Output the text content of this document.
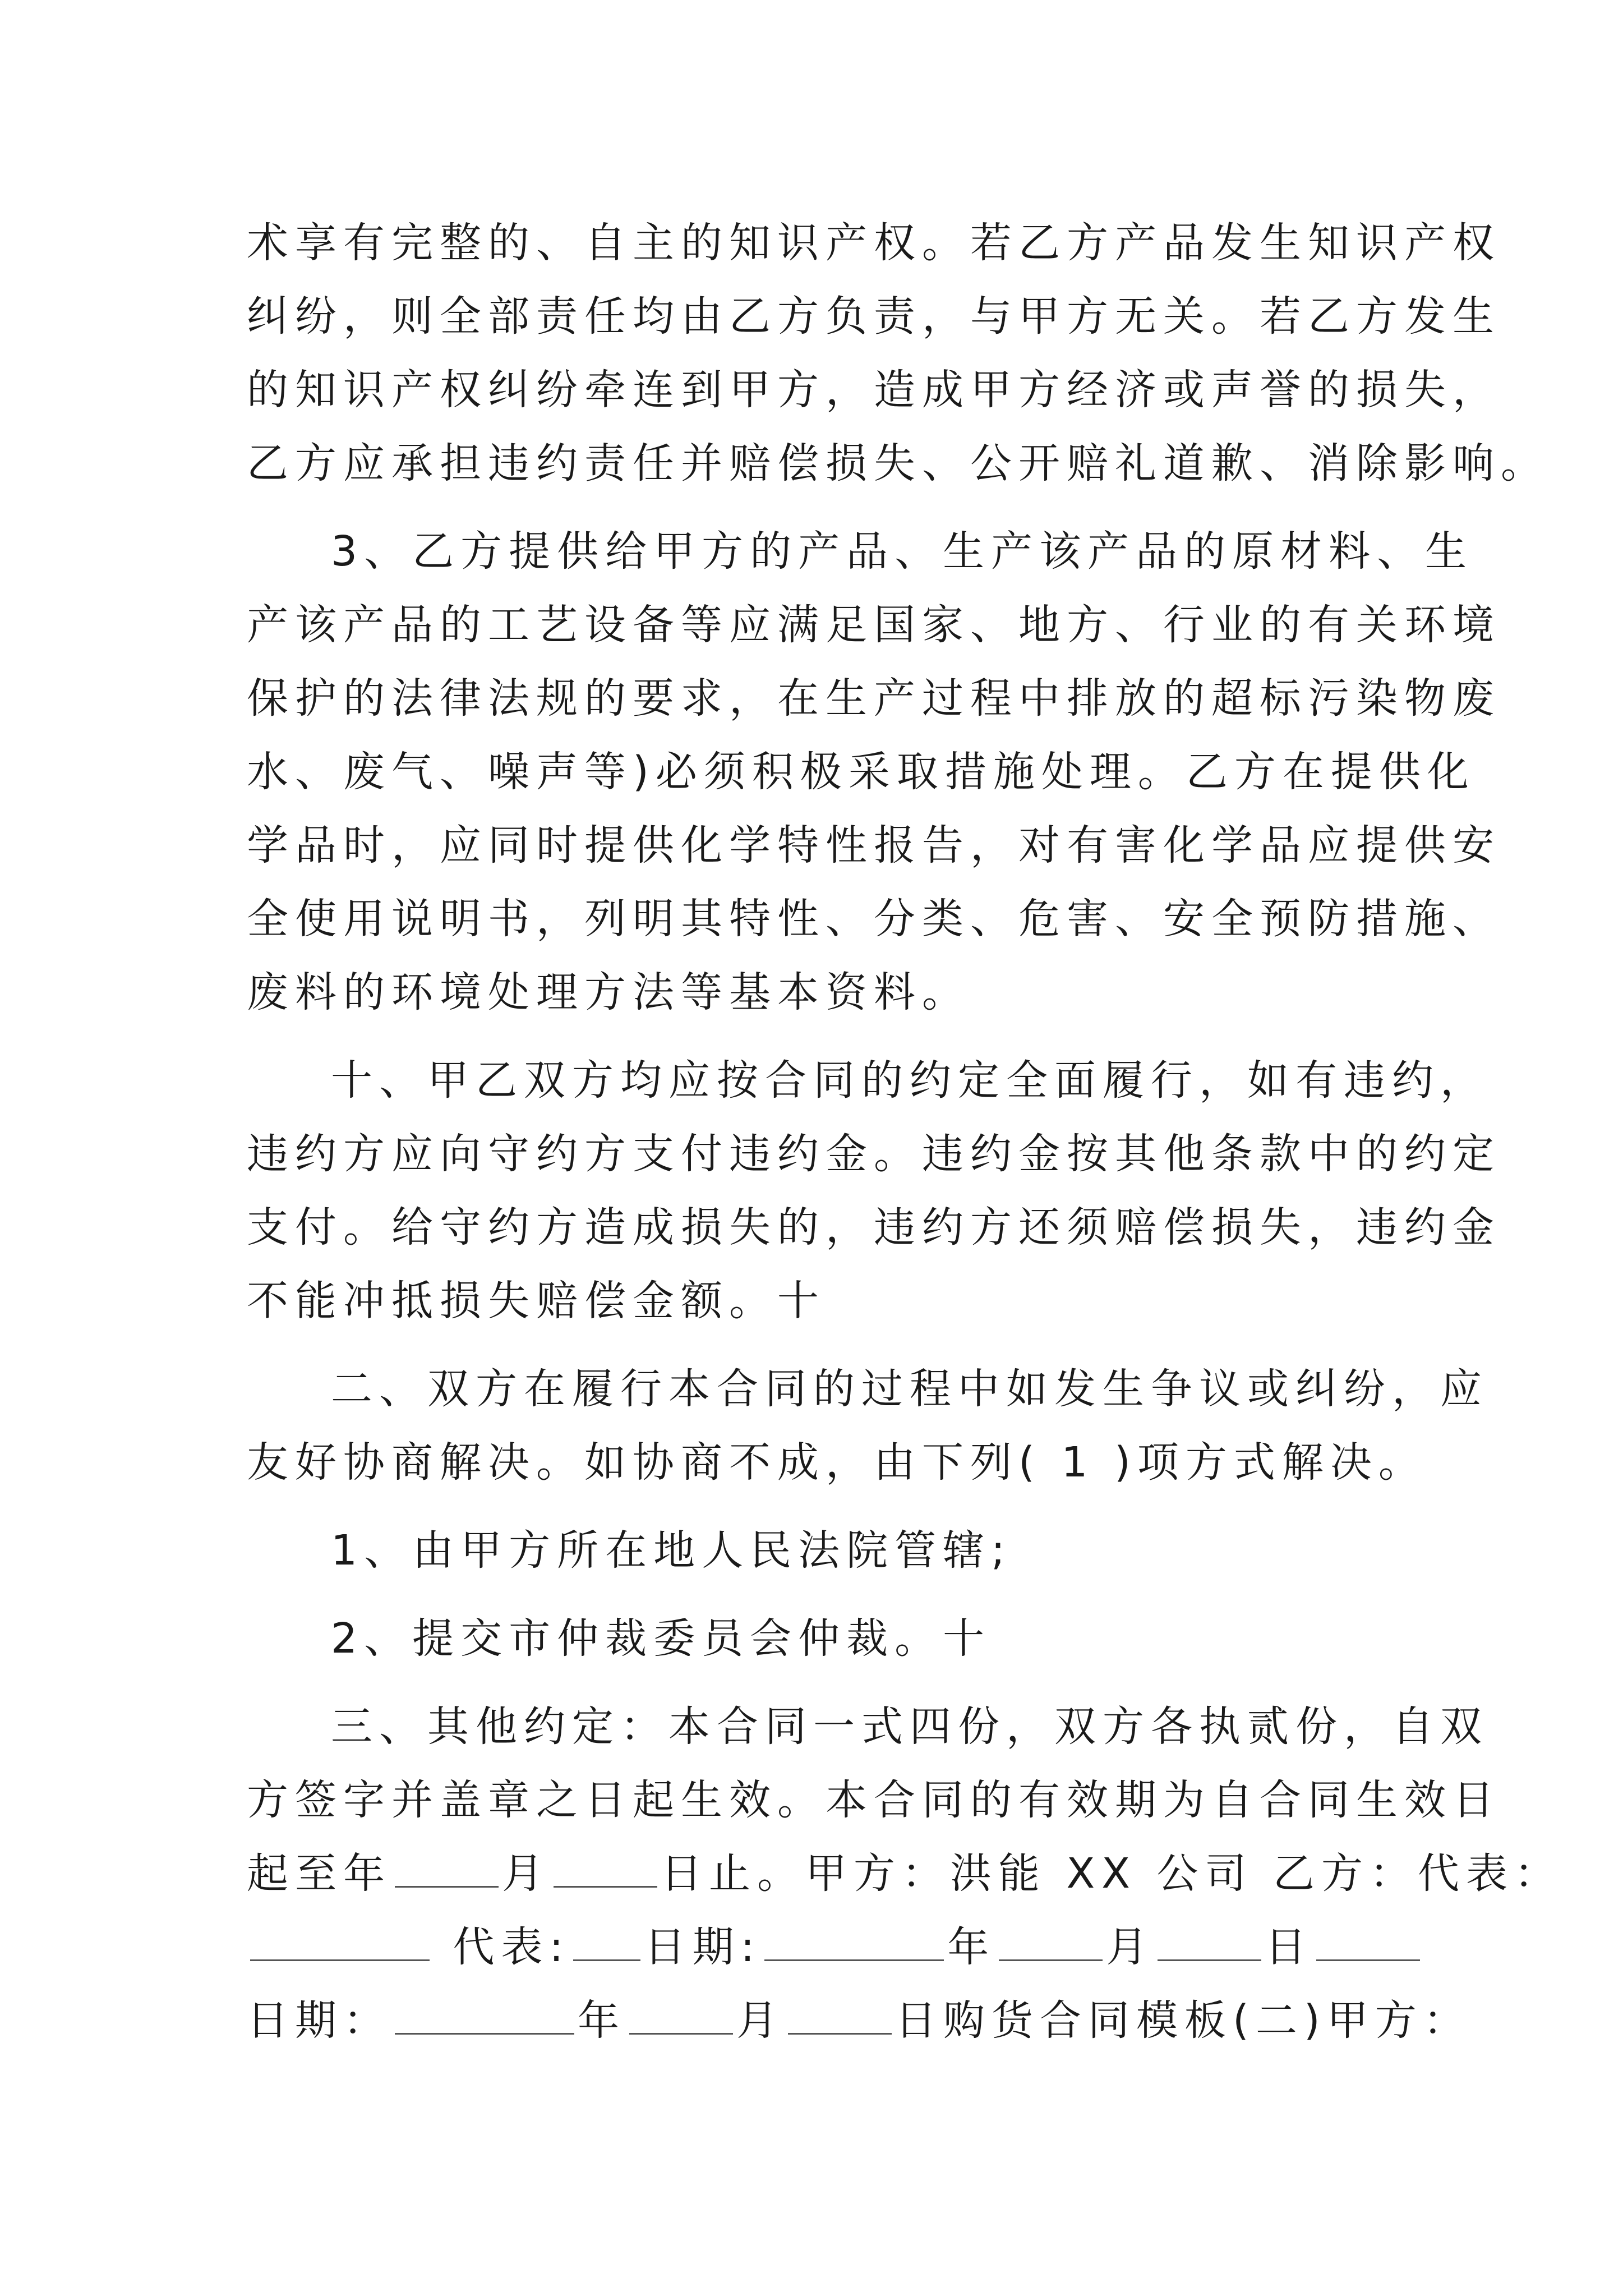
术享有完整的、自主的知识产权。若乙方产品发生知识产权
纠纷，则全部责任均由乙方负责，与甲方无关。若乙方发生
的知识产权纠纷牵连到甲方，造成甲方经济或声誉的损失，
乙方应承担违约责任并赔偿损失、公开赔礼道歉、消除影响。
3、乙方提供给甲方的产品、生产该产品的原材料、生
产该产品的工艺设备等应满足国家、地方、行业的有关环境
保护的法律法规的要求，在生产过程中排放的超标污染物废
水、废气、噪声等)必须积极采取措施处理。乙方在提供化
学品时，应同时提供化学特性报告，对有害化学品应提供安
全使用说明书，列明其特性、分类、危害、安全预防措施、
废料的环境处理方法等基本资料。
十、甲乙双方均应按合同的约定全面履行，如有违约，
违约方应向守约方支付违约金。违约金按其他条款中的约定
支付。给守约方造成损失的，违约方还须赔偿损失，违约金
不能冲抵损失赔偿金额。十
二、双方在履行本合同的过程中如发生争议或纠纷，应
友好协商解决。如协商不成，由下列( 1 )项方式解决。
1、由甲方所在地人民法院管辖;
2、提交市仲裁委员会仲裁。十
三、其他约定：本合同一式四份，双方各执贰份，自双
方签字并盖章之日起生效。本合同的有效期为自合同生效日
起至年	月	日止。甲方：洪能 XX 公司 乙方：代表：
代表: 日期:	年	月	日
日期：	年	月	日购货合同模板(二)甲方：
